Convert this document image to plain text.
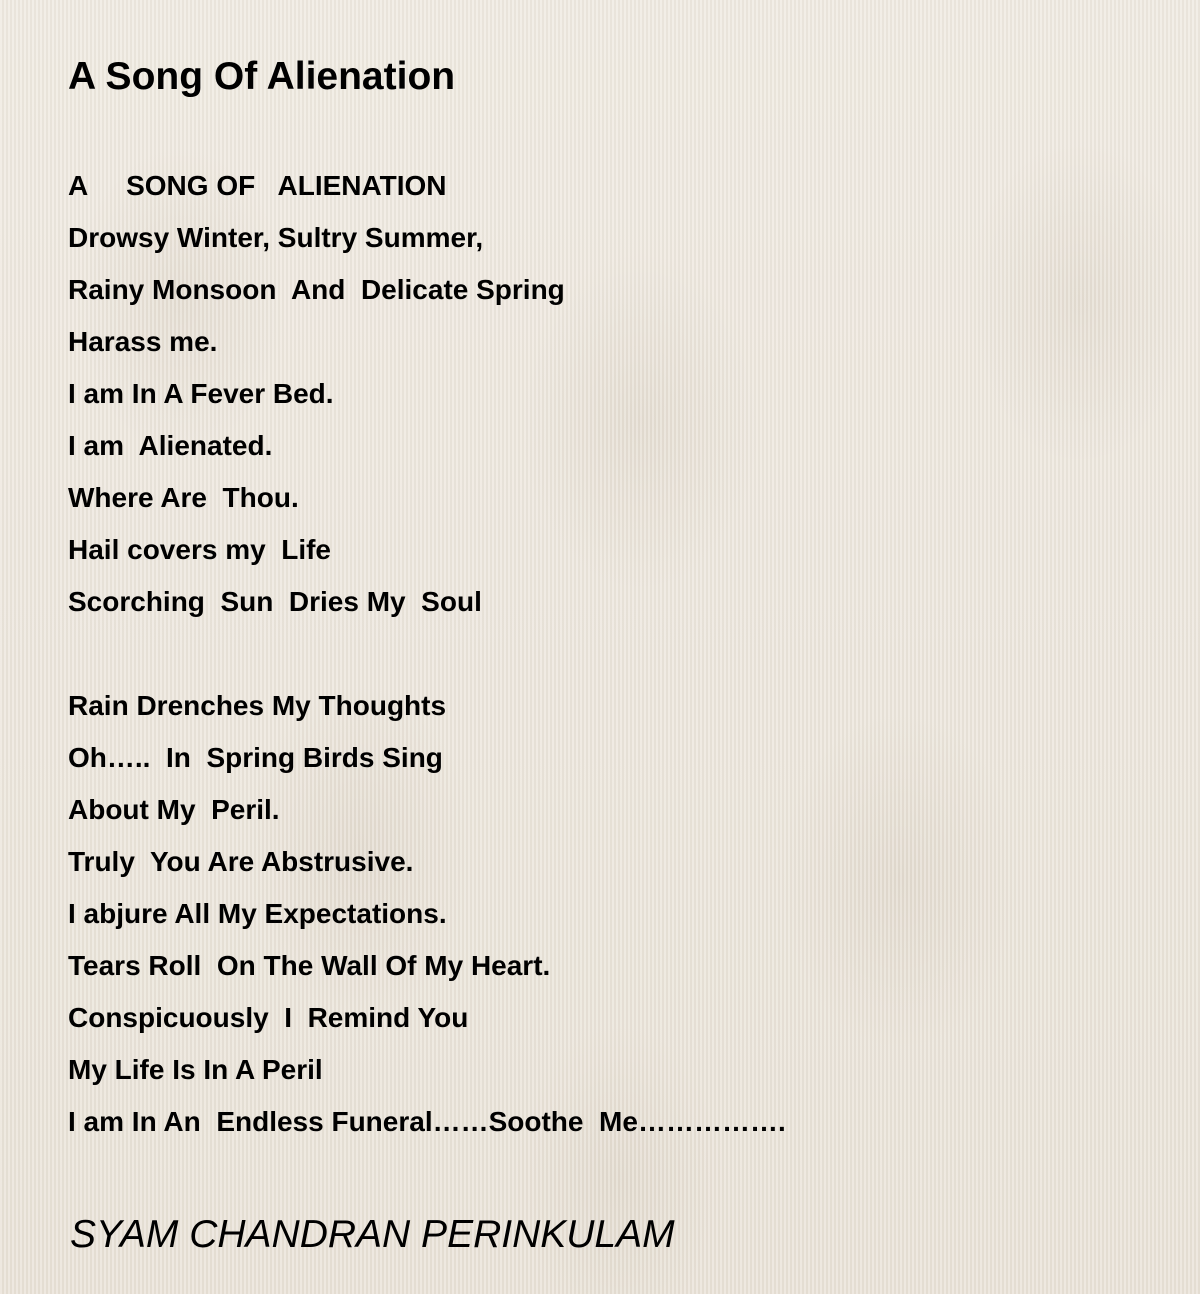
A Song Of Alienation
A     SONG OF   ALIENATION
Drowsy Winter, Sultry Summer,
Rainy Monsoon  And  Delicate Spring
Harass me.
I am In A Fever Bed.
I am  Alienated.
Where Are  Thou.
Hail covers my  Life
Scorching  Sun  Dries My  Soul
Rain Drenches My Thoughts
Oh…..  In  Spring Birds Sing
About My  Peril.
Truly  You Are Abstrusive.
I abjure All My Expectations.
Tears Roll  On The Wall Of My Heart.
Conspicuously  I  Remind You
My Life Is In A Peril
I am In An  Endless Funeral……Soothe  Me…………….
SYAM CHANDRAN PERINKULAM
